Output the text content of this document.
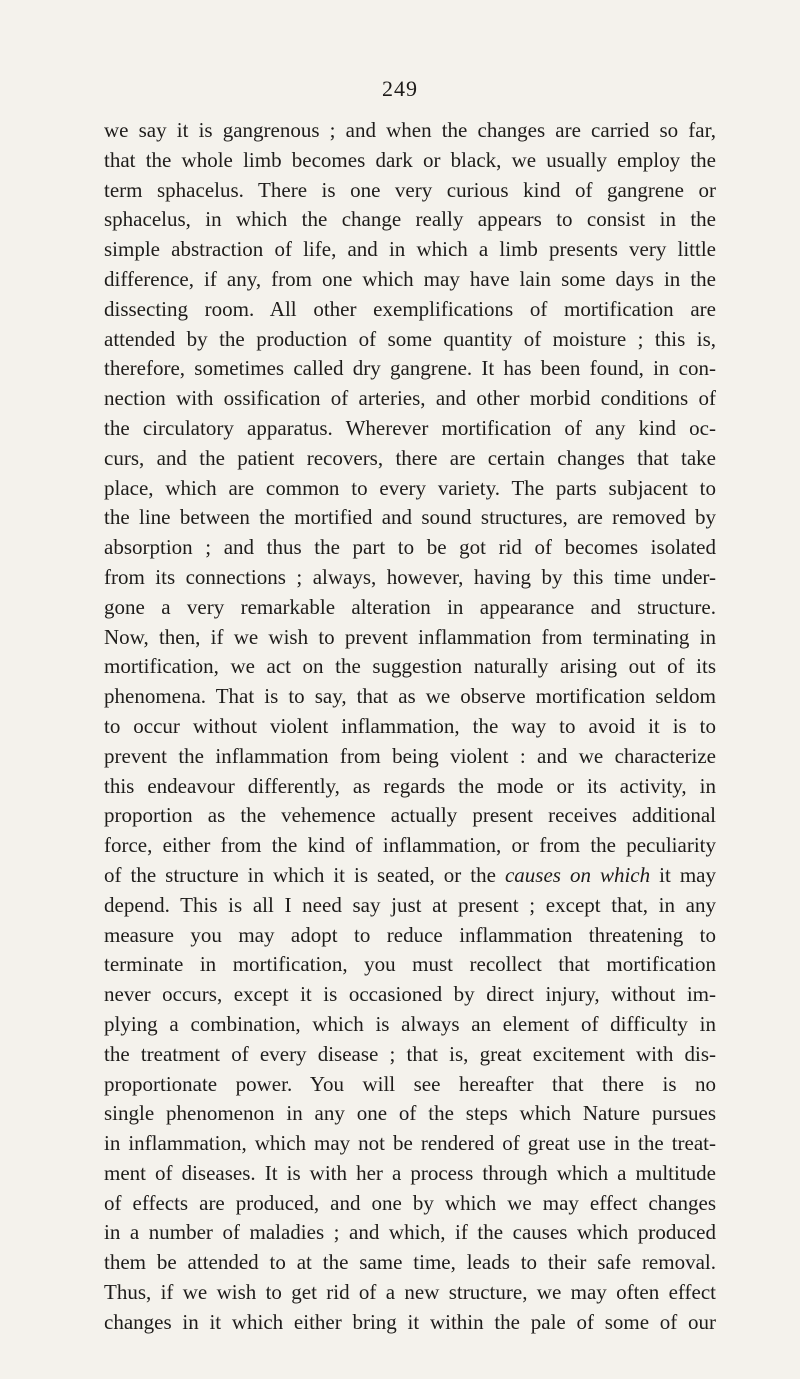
249

we say it is gangrenous ; and when the changes are carried so far,
that the whole limb becomes dark or black, we usually employ the
term sphacelus. There is one very curious kind of gangrene or
sphacelus, in which the change really appears to consist in the
simple abstraction of life, and in which a limb presents very little
difference, if any, from one which may have lain some days in the
dissecting room. All other exemplifications of mortification are
attended by the production of some quantity of moisture ; this is,
therefore, sometimes called dry gangrene. It has been found, in con-
nection with ossification of arteries, and other morbid conditions of
the circulatory apparatus. Wherever mortification of any kind oc-
curs, and the patient recovers, there are certain changes that take
place, which are common to every variety. The parts subjacent to
the line between the mortified and sound structures, are removed by
absorption ; and thus the part to be got rid of becomes isolated
from its connections ; always, however, having by this time under-
gone a very remarkable alteration in appearance and structure.
Now, then, if we wish to prevent inflammation from terminating in
mortification, we act on the suggestion naturally arising out of its
phenomena. That is to say, that as we observe mortification seldom
to occur without violent inflammation, the way to avoid it is to
prevent the inflammation from being violent : and we characterize
this endeavour differently, as regards the mode or its activity, in
proportion as the vehemence actually present receives additional
force, either from the kind of inflammation, or from the peculiarity
of the structure in which it is seated, or the causes on which it may
depend. This is all I need say just at present ; except that, in any
measure you may adopt to reduce inflammation threatening to
terminate in mortification, you must recollect that mortification
never occurs, except it is occasioned by direct injury, without im-
plying a combination, which is always an element of difficulty in
the treatment of every disease ; that is, great excitement with dis-
proportionate power. You will see hereafter that there is no
single phenomenon in any one of the steps which Nature pursues
in inflammation, which may not be rendered of great use in the treat-
ment of diseases. It is with her a process through which a multitude
of effects are produced, and one by which we may effect changes
in a number of maladies ; and which, if the causes which produced
them be attended to at the same time, leads to their safe removal.
Thus, if we wish to get rid of a new structure, we may often effect
changes in it which either bring it within the pale of some of our
